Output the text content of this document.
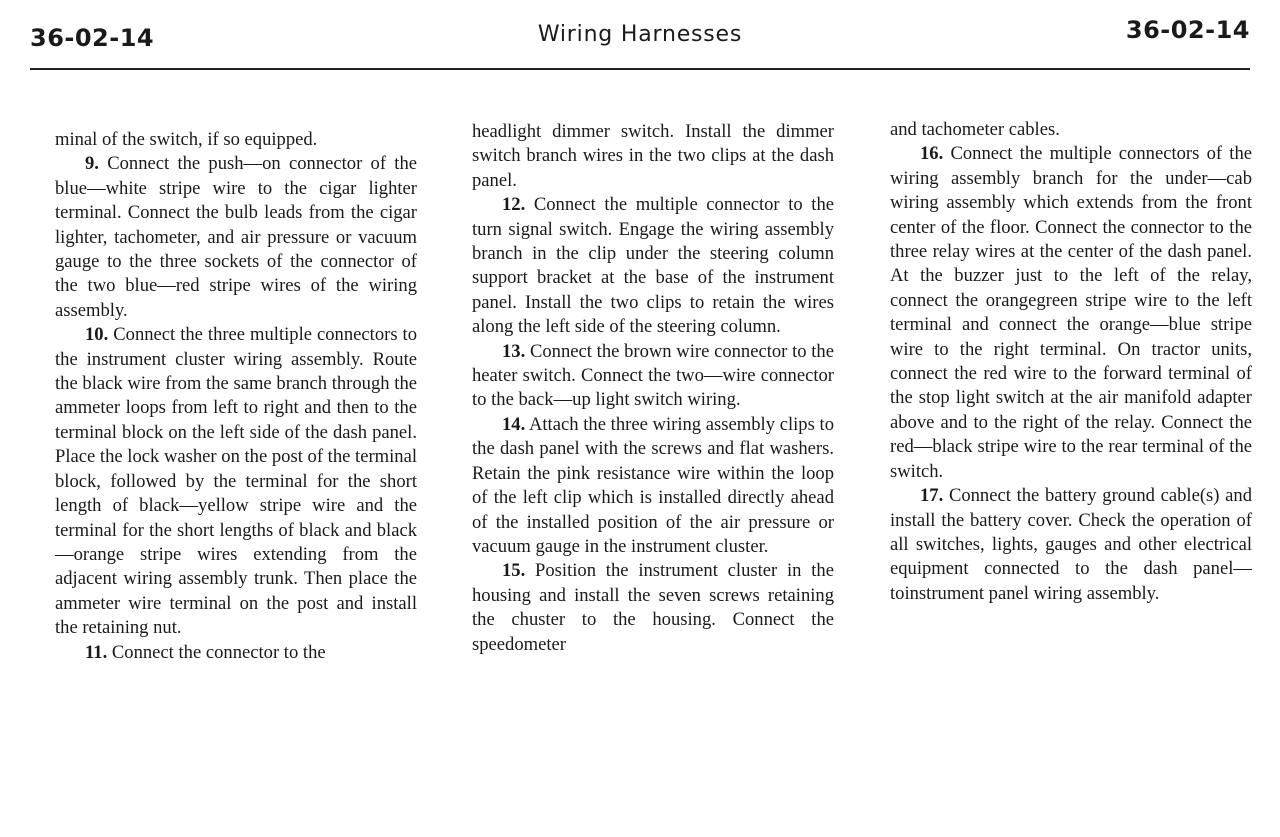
36-02-14	Wiring Harnesses	36-02-14

minal of the switch, if so equipped.

9. Connect the push—on connector of the blue—white stripe wire to the cigar lighter terminal. Connect the bulb leads from the cigar lighter, tachometer, and air pressure or vacuum gauge to the three sockets of the connector of the two blue—red stripe wires of the wiring assembly.

10. Connect the three multiple connectors to the instrument cluster wiring assembly. Route the black wire from the same branch through the ammeter loops from left to right and then to the terminal block on the left side of the dash panel. Place the lock washer on the post of the terminal block, followed by the terminal for the short length of black—yellow stripe wire and the terminal for the short lengths of black and black—orange stripe wires extending from the adjacent wiring assembly trunk. Then place the ammeter wire terminal on the post and install the retaining nut.

11. Connect the connector to the

headlight dimmer switch. Install the dimmer switch branch wires in the two clips at the dash panel.

12. Connect the multiple connector to the turn signal switch. Engage the wiring assembly branch in the clip under the steering column support bracket at the base of the instrument panel. Install the two clips to retain the wires along the left side of the steering column.

13. Connect the brown wire connector to the heater switch. Connect the two—wire connector to the back—up light switch wiring.

14. Attach the three wiring assembly clips to the dash panel with the screws and flat washers. Retain the pink resistance wire within the loop of the left clip which is installed directly ahead of the installed position of the air pressure or vacuum gauge in the instrument cluster.

15. Position the instrument cluster in the housing and install the seven screws retaining the chuster to the housing. Connect the speedometer

and tachometer cables.

16. Connect the multiple connectors of the wiring assembly branch for the under—cab wiring assembly which extends from the front center of the floor. Connect the connector to the three relay wires at the center of the dash panel. At the buzzer just to the left of the relay, connect the orangegreen stripe wire to the left terminal and connect the orange—blue stripe wire to the right terminal. On tractor units, connect the red wire to the forward terminal of the stop light switch at the air manifold adapter above and to the right of the relay. Connect the red—black stripe wire to the rear terminal of the switch.

17. Connect the battery ground cable(s) and install the battery cover. Check the operation of all switches, lights, gauges and other electrical equipment connected to the dash panel—toinstrument panel wiring assembly.
